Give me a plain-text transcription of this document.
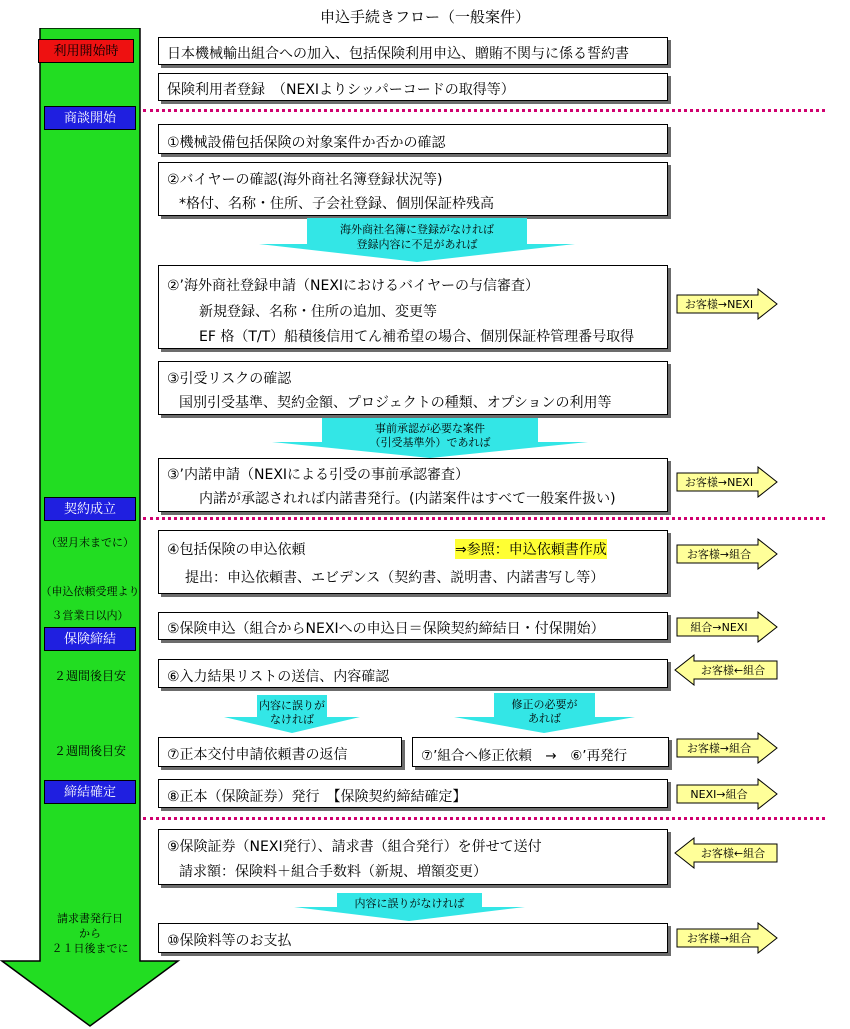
申込手続きフロー（一般案件）
利用開始時
商談開始
契約成立
保険締結
締結確定
（翌月末までに）
（申込依頼受理より
３営業日以内）
２週間後目安
２週間後目安
請求書発行日
から
２１日後までに
日本機械輸出組合への加入、包括保険利用申込、贈賄不関与に係る誓約書
保険利用者登録　（NEXIよりシッパーコードの取得等）
①機械設備包括保険の対象案件か否かの確認
②バイヤーの確認(海外商社名簿登録状況等)
*格付、名称・住所、子会社登録、個別保証枠残高
②’海外商社登録申請（NEXIにおけるバイヤーの与信審査）
新規登録、名称・住所の追加、変更等
EF 格（T/T）船積後信用てん補希望の場合、個別保証枠管理番号取得
③引受リスクの確認
国別引受基準、契約金額、プロジェクトの種類、オプションの利用等
③’内諾申請（NEXIによる引受の事前承認審査）
内諾が承認されれば内諾書発行。(内諾案件はすべて一般案件扱い)
④包括保険の申込依頼	⇒参照：申込依頼書作成
提出：申込依頼書、エビデンス（契約書、説明書、内諾書写し等）
⑤保険申込（組合からNEXIへの申込日＝保険契約締結日・付保開始）
⑥入力結果リストの送信、内容確認
⑦正本交付申請依頼書の返信	⑦’組合へ修正依頼　→　⑥’再発行
⑧正本（保険証券）発行　【保険契約締結確定】
⑨保険証券（NEXI発行）、請求書（組合発行）を併せて送付
請求額：保険料＋組合手数料（新規、増額変更）
⑩保険料等のお支払
海外商社名簿に登録がなければ
登録内容に不足があれば
事前承認が必要な案件
（引受基準外）であれば
内容に誤りが
なければ
修正の必要が
あれば
内容に誤りがなければ
お客様→NEXI
お客様→NEXI
お客様→組合
組合→NEXI
お客様←組合
お客様→組合
NEXI→組合
お客様←組合
お客様→組合
